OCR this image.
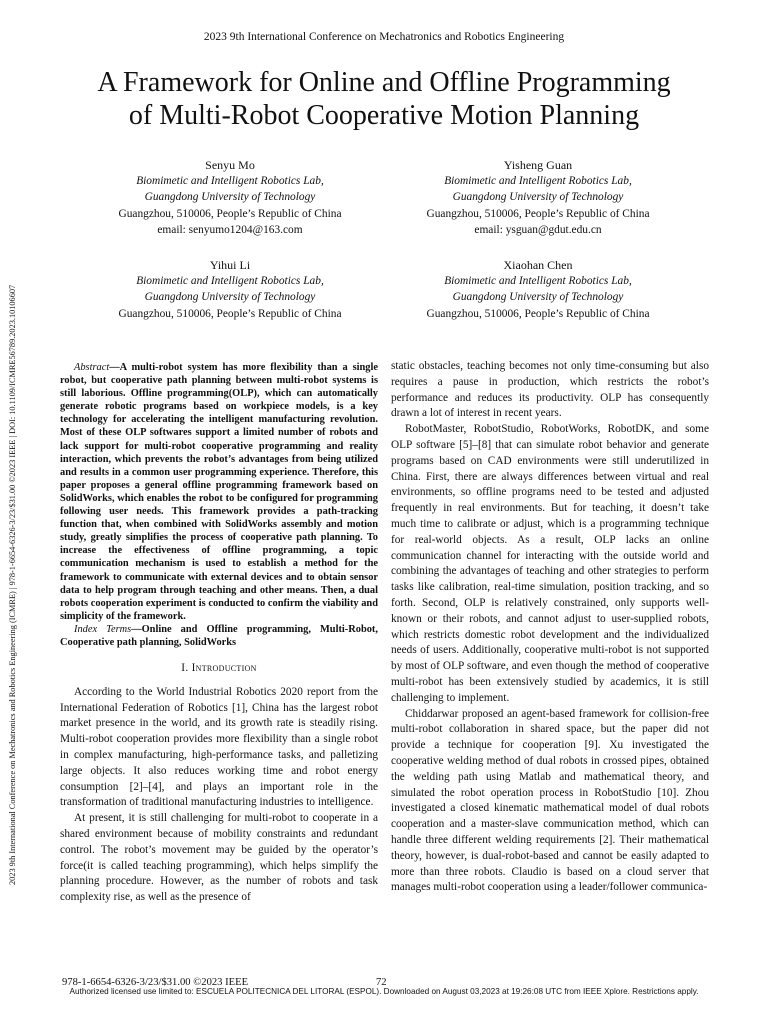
2023 9th International Conference on Mechatronics and Robotics Engineering
A Framework for Online and Offline Programming
of Multi-Robot Cooperative Motion Planning
Senyu Mo
Biomimetic and Intelligent Robotics Lab,
Guangdong University of Technology
Guangzhou, 510006, People’s Republic of China
email: senyumo1204@163.com
Yisheng Guan
Biomimetic and Intelligent Robotics Lab,
Guangdong University of Technology
Guangzhou, 510006, People’s Republic of China
email: ysguan@gdut.edu.cn
Yihui Li
Biomimetic and Intelligent Robotics Lab,
Guangdong University of Technology
Guangzhou, 510006, People’s Republic of China
Xiaohan Chen
Biomimetic and Intelligent Robotics Lab,
Guangdong University of Technology
Guangzhou, 510006, People’s Republic of China
2023 9th International Conference on Mechatronics and Robotics Engineering (ICMRE) | 978-1-6654-6326-3/23/$31.00 ©2023 IEEE | DOI: 10.1109/ICMRE56789.2023.10106607	Abstract—A multi-robot system has more flexibility than a single robot, but cooperative path planning between multi-robot systems is still laborious. Offline programming(OLP), which can automatically generate robotic programs based on workpiece models, is a key technology for accelerating the intelligent manufacturing revolution. Most of these OLP softwares support a limited number of robots and lack support for multi-robot cooperative programming and reality interaction, which prevents the robot’s advantages from being utilized and results in a common user programming experience. Therefore, this paper proposes a general offline programming framework based on SolidWorks, which enables the robot to be configured for programming following user needs. This framework provides a path-tracking function that, when combined with SolidWorks assembly and motion study, greatly simplifies the process of cooperative path planning. To increase the effectiveness of offline programming, a topic communication mechanism is used to establish a method for the framework to communicate with external devices and to obtain sensor data to help program through teaching and other means. Then, a dual robots cooperation experiment is conducted to confirm the viability and simplicity of the framework.

Index Terms—Online and Offline programming, Multi-Robot, Cooperative path planning, SolidWorks

I. Introduction

According to the World Industrial Robotics 2020 report from the International Federation of Robotics [1], China has the largest robot market presence in the world, and its growth rate is steadily rising. Multi-robot cooperation provides more flexibility than a single robot in complex manufacturing, high-performance tasks, and palletizing large objects. It also reduces working time and robot energy consumption [2]–[4], and plays an important role in the transformation of traditional manufacturing industries to intelligence.

At present, it is still challenging for multi-robot to cooperate in a shared environment because of mobility constraints and redundant control. The robot’s movement may be guided by the operator’s force(it is called teaching programming), which helps simplify the planning procedure. However, as the number of robots and task complexity rise, as well as the presence of

static obstacles, teaching becomes not only time-consuming but also requires a pause in production, which restricts the robot’s performance and reduces its productivity. OLP has consequently drawn a lot of interest in recent years.

RobotMaster, RobotStudio, RobotWorks, RobotDK, and some OLP software [5]–[8] that can simulate robot behavior and generate programs based on CAD environments were still underutilized in China. First, there are always differences between virtual and real environments, so offline programs need to be tested and adjusted frequently in real environments. But for teaching, it doesn’t take much time to calibrate or adjust, which is a programming technique for real-world objects. As a result, OLP lacks an online communication channel for interacting with the outside world and combining the advantages of teaching and other strategies to perform tasks like calibration, real-time simulation, position tracking, and so forth. Second, OLP is relatively constrained, only supports well-known or their robots, and cannot adjust to user-supplied robots, which restricts domestic robot development and the individualized needs of users. Additionally, cooperative multi-robot is not supported by most of OLP software, and even though the method of cooperative multi-robot has been extensively studied by academics, it is still challenging to implement.

Chiddarwar proposed an agent-based framework for collision-free multi-robot collaboration in shared space, but the paper did not provide a technique for cooperation [9]. Xu investigated the cooperative welding method of dual robots in crossed pipes, obtained the welding path using Matlab and mathematical theory, and simulated the robot operation process in RobotStudio [10]. Zhou investigated a closed kinematic mathematical model of dual robots cooperation and a master-slave communication method, which can handle three different welding requirements [2]. Their mathematical theory, however, is dual-robot-based and cannot be easily adapted to more than three robots. Claudio is based on a cloud server that manages multi-robot cooperation using a leader/follower communica-

978-1-6654-6326-3/23/$31.00 ©2023 IEEE	72
Authorized licensed use limited to: ESCUELA POLITECNICA DEL LITORAL (ESPOL). Downloaded on August 03,2023 at 19:26:08 UTC from IEEE Xplore. Restrictions apply.
